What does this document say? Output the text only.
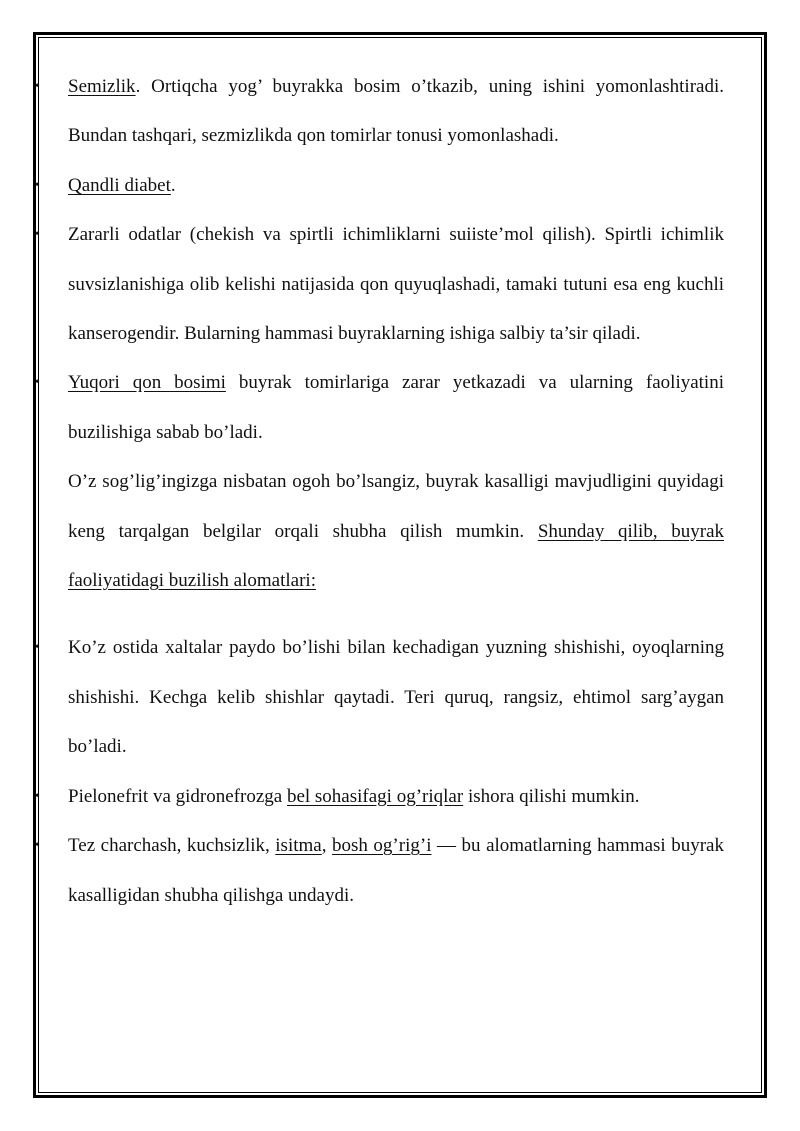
• Semizlik. Ortiqcha yog’ buyrakka bosim o’tkazib, uning ishini yomonlashtiradi. Bundan tashqari, sezmizlikda qon tomirlar tonusi yomonlashadi.

• Qandli diabet.

• Zararli odatlar (chekish va spirtli ichimliklarni suiiste’mol qilish). Spirtli ichimlik suvsizlanishiga olib kelishi natijasida qon quyuqlashadi, tamaki tutuni esa eng kuchli kanserogendir. Bularning hammasi buyraklarning ishiga salbiy ta’sir qiladi.

• Yuqori qon bosimi buyrak tomirlariga zarar yetkazadi va ularning faoliyatini buzilishiga sabab bo’ladi.

O’z sog’lig’ingizga nisbatan ogoh bo’lsangiz, buyrak kasalligi mavjudligini quyidagi keng tarqalgan belgilar orqali shubha qilish mumkin. Shunday qilib, buyrak faoliyatidagi buzilish alomatlari:

• Ko’z ostida xaltalar paydo bo’lishi bilan kechadigan yuzning shishishi, oyoqlarning shishishi. Kechga kelib shishlar qaytadi. Teri quruq, rangsiz, ehtimol sarg’aygan bo’ladi.

• Pielonefrit va gidronefrozga bel sohasifagi og’riqlar ishora qilishi mumkin.

• Tez charchash, kuchsizlik, isitma, bosh og’rig’i — bu alomatlarning hammasi buyrak kasalligidan shubha qilishga undaydi.
